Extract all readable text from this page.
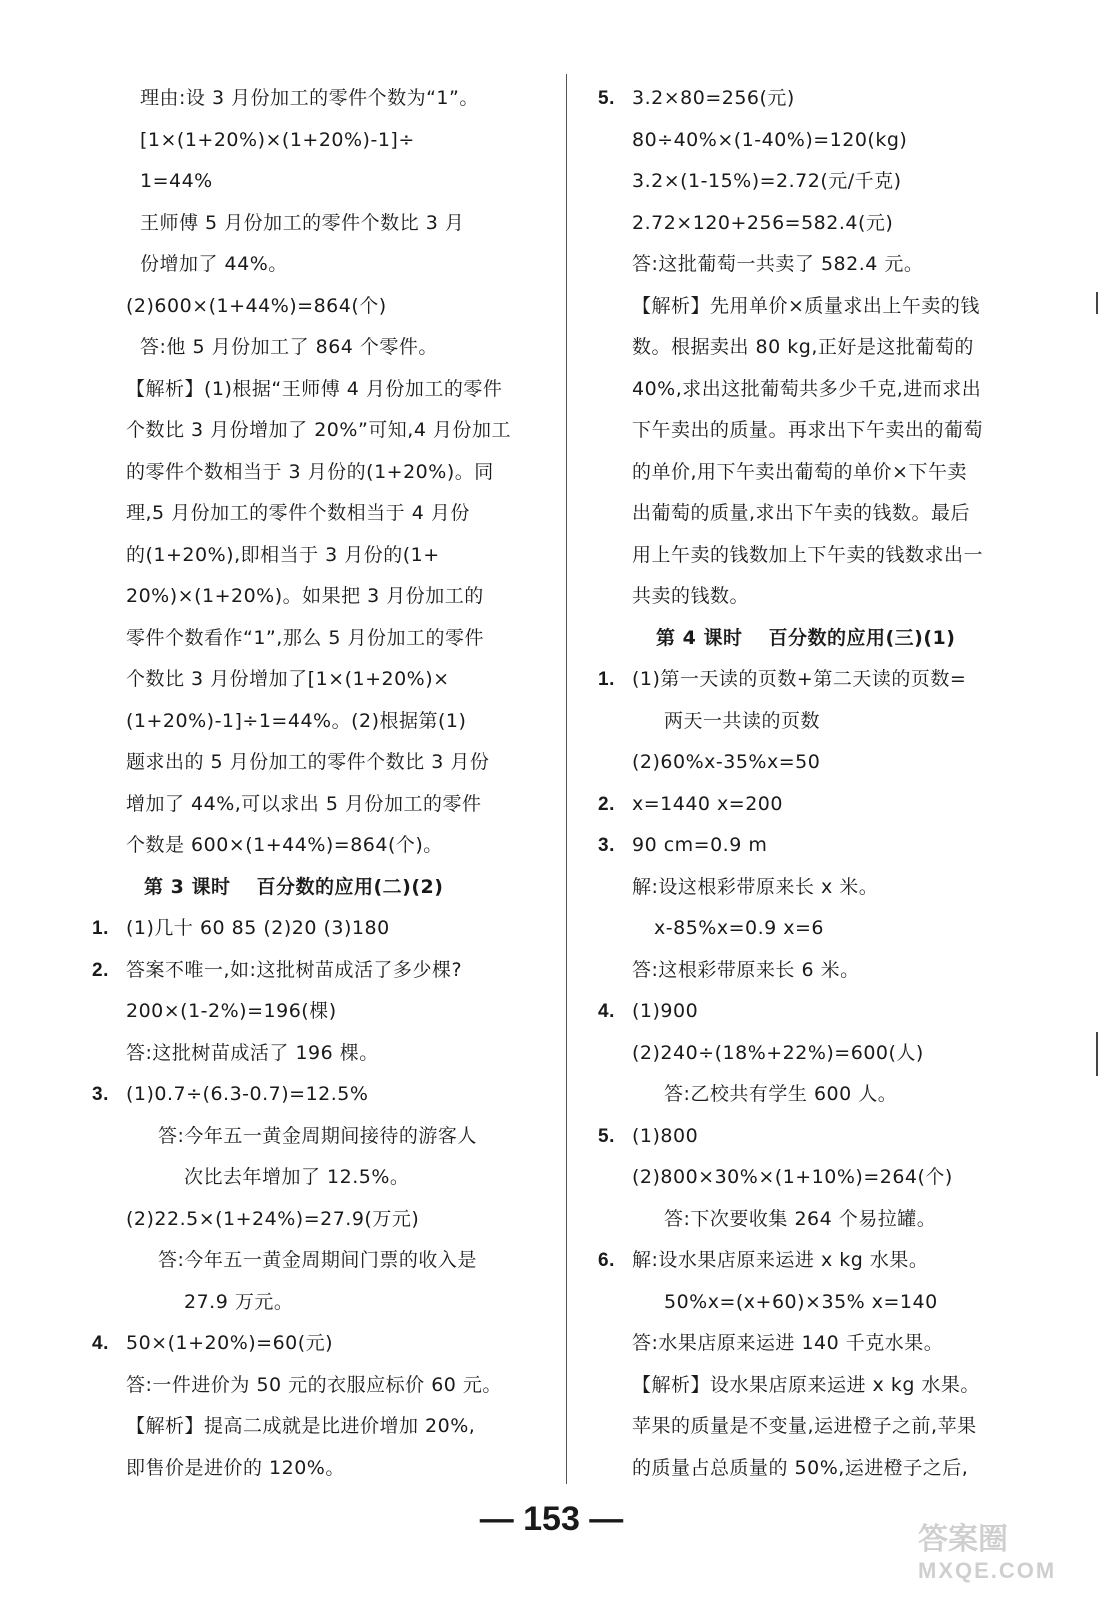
理由:设 3 月份加工的零件个数为“1”。
[1×(1+20%)×(1+20%)-1]÷
1=44%
王师傅 5 月份加工的零件个数比 3 月
份增加了 44%。
(2)600×(1+44%)=864(个)
答:他 5 月份加工了 864 个零件。
【解析】(1)根据“王师傅 4 月份加工的零件
个数比 3 月份增加了 20%”可知,4 月份加工
的零件个数相当于 3 月份的(1+20%)。同
理,5 月份加工的零件个数相当于 4 月份
的(1+20%),即相当于 3 月份的(1+
20%)×(1+20%)。如果把 3 月份加工的
零件个数看作“1”,那么 5 月份加工的零件
个数比 3 月份增加了[1×(1+20%)×
(1+20%)-1]÷1=44%。(2)根据第(1)
题求出的 5 月份加工的零件个数比 3 月份
增加了 44%,可以求出 5 月份加工的零件
个数是 600×(1+44%)=864(个)。
第 3 课时 百分数的应用(二)(2)
1. (1)几十 60 85 (2)20 (3)180
2. 答案不唯一,如:这批树苗成活了多少棵?
200×(1-2%)=196(棵)
答:这批树苗成活了 196 棵。
3. (1)0.7÷(6.3-0.7)=12.5%
答:今年五一黄金周期间接待的游客人
次比去年增加了 12.5%。
(2)22.5×(1+24%)=27.9(万元)
答:今年五一黄金周期间门票的收入是
27.9 万元。
4. 50×(1+20%)=60(元)
答:一件进价为 50 元的衣服应标价 60 元。
【解析】提高二成就是比进价增加 20%,
即售价是进价的 120%。
5. 3.2×80=256(元)
80÷40%×(1-40%)=120(kg)
3.2×(1-15%)=2.72(元/千克)
2.72×120+256=582.4(元)
答:这批葡萄一共卖了 582.4 元。
【解析】先用单价×质量求出上午卖的钱
数。根据卖出 80 kg,正好是这批葡萄的
40%,求出这批葡萄共多少千克,进而求出
下午卖出的质量。再求出下午卖出的葡萄
的单价,用下午卖出葡萄的单价×下午卖
出葡萄的质量,求出下午卖的钱数。最后
用上午卖的钱数加上下午卖的钱数求出一
共卖的钱数。
第 4 课时 百分数的应用(三)(1)
1. (1)第一天读的页数+第二天读的页数=
两天一共读的页数
(2)60%x-35%x=50
2. x=1440 x=200
3. 90 cm=0.9 m
解:设这根彩带原来长 x 米。
x-85%x=0.9 x=6
答:这根彩带原来长 6 米。
4. (1)900
(2)240÷(18%+22%)=600(人)
答:乙校共有学生 600 人。
5. (1)800
(2)800×30%×(1+10%)=264(个)
答:下次要收集 264 个易拉罐。
6. 解:设水果店原来运进 x kg 水果。
50%x=(x+60)×35% x=140
答:水果店原来运进 140 千克水果。
【解析】设水果店原来运进 x kg 水果。
苹果的质量是不变量,运进橙子之前,苹果
的质量占总质量的 50%,运进橙子之后,
— 153 —
答案圈
MXQE.COM
